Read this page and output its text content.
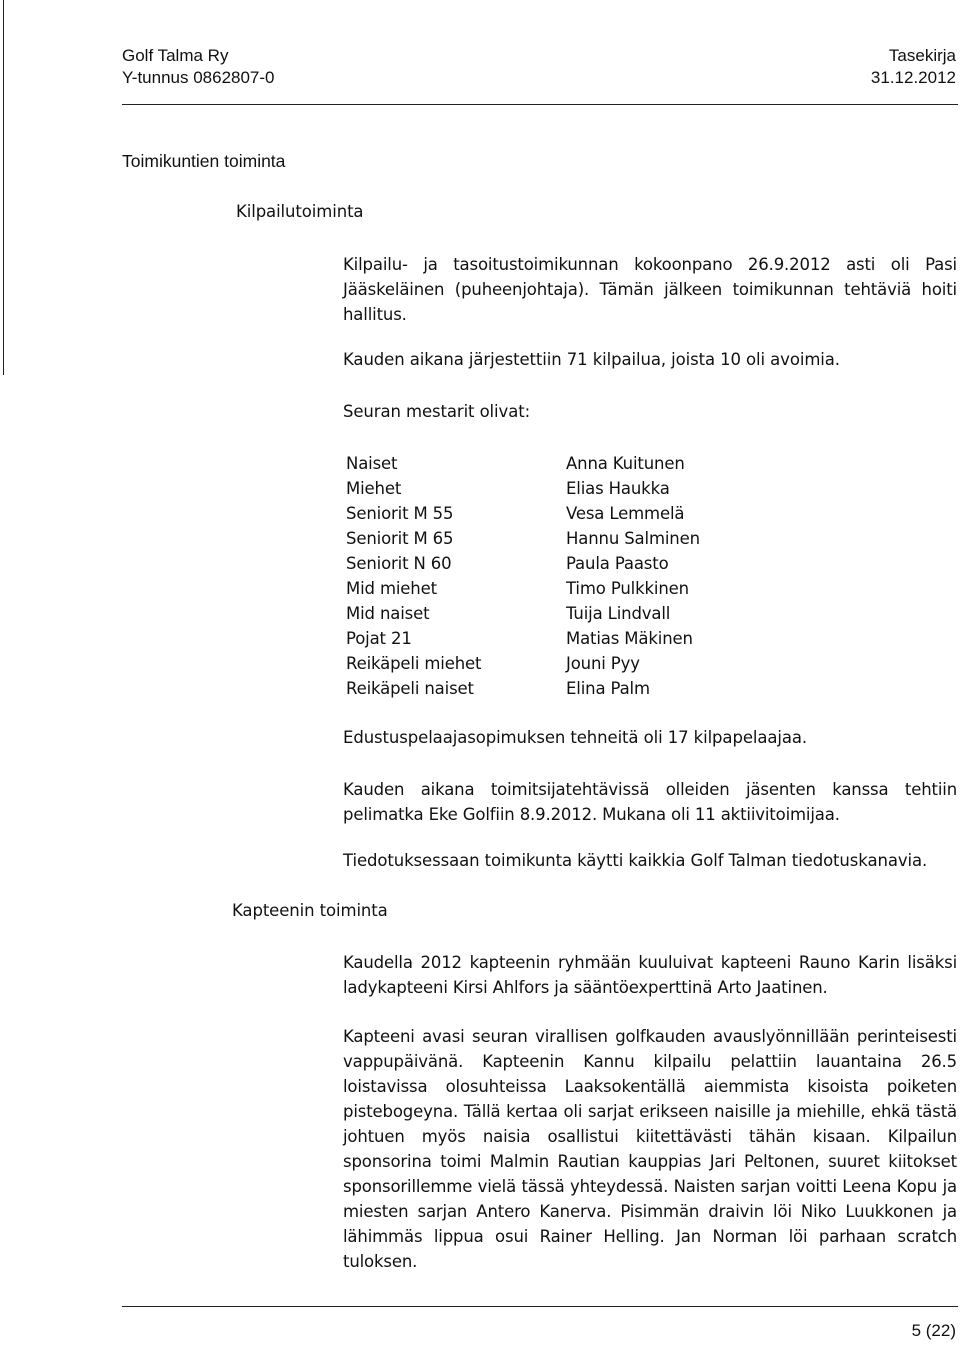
Golf Talma Ry
Y-tunnus 0862807-0
Tasekirja
31.12.2012
Toimikuntien toiminta
Kilpailutoiminta
Kilpailu- ja tasoitustoimikunnan kokoonpano 26.9.2012 asti oli Pasi Jääskeläinen (puheenjohtaja). Tämän jälkeen toimikunnan tehtäviä hoiti hallitus.
Kauden aikana järjestettiin 71 kilpailua, joista 10 oli avoimia.
Seuran mestarit olivat:
Naiset	Anna Kuitunen
Miehet	Elias Haukka
Seniorit M 55	Vesa Lemmelä
Seniorit M 65	Hannu Salminen
Seniorit N 60	Paula Paasto
Mid miehet	Timo Pulkkinen
Mid naiset	Tuija Lindvall
Pojat 21	Matias Mäkinen
Reikäpeli miehet	Jouni Pyy
Reikäpeli naiset	Elina Palm
Edustuspelaajasopimuksen tehneitä oli 17 kilpapelaajaa.
Kauden aikana toimitsijatehtävissä olleiden jäsenten kanssa tehtiin pelimatka Eke Golfiin 8.9.2012. Mukana oli 11 aktiivitoimijaa.
Tiedotuksessaan toimikunta käytti kaikkia Golf Talman tiedotuskanavia.
Kapteenin toiminta
Kaudella 2012 kapteenin ryhmään kuuluivat kapteeni Rauno Karin lisäksi ladykapteeni Kirsi Ahlfors ja sääntöexperttinä Arto Jaatinen.
Kapteeni avasi seuran virallisen golfkauden avauslyönnillään perinteisesti vappupäivänä. Kapteenin Kannu kilpailu pelattiin lauantaina 26.5 loistavissa olosuhteissa Laaksokentällä aiemmista kisoista poiketen pistebogeyna. Tällä kertaa oli sarjat erikseen naisille ja miehille, ehkä tästä johtuen myös naisia osallistui kiitettävästi tähän kisaan. Kilpailun sponsorina toimi Malmin Rautian kauppias Jari Peltonen, suuret kiitokset sponsorillemme vielä tässä yhteydessä. Naisten sarjan voitti Leena Kopu ja miesten sarjan Antero Kanerva. Pisimmän draivin löi Niko Luukkonen ja lähimmäs lippua osui Rainer Helling. Jan Norman löi parhaan scratch tuloksen.
5 (22)
